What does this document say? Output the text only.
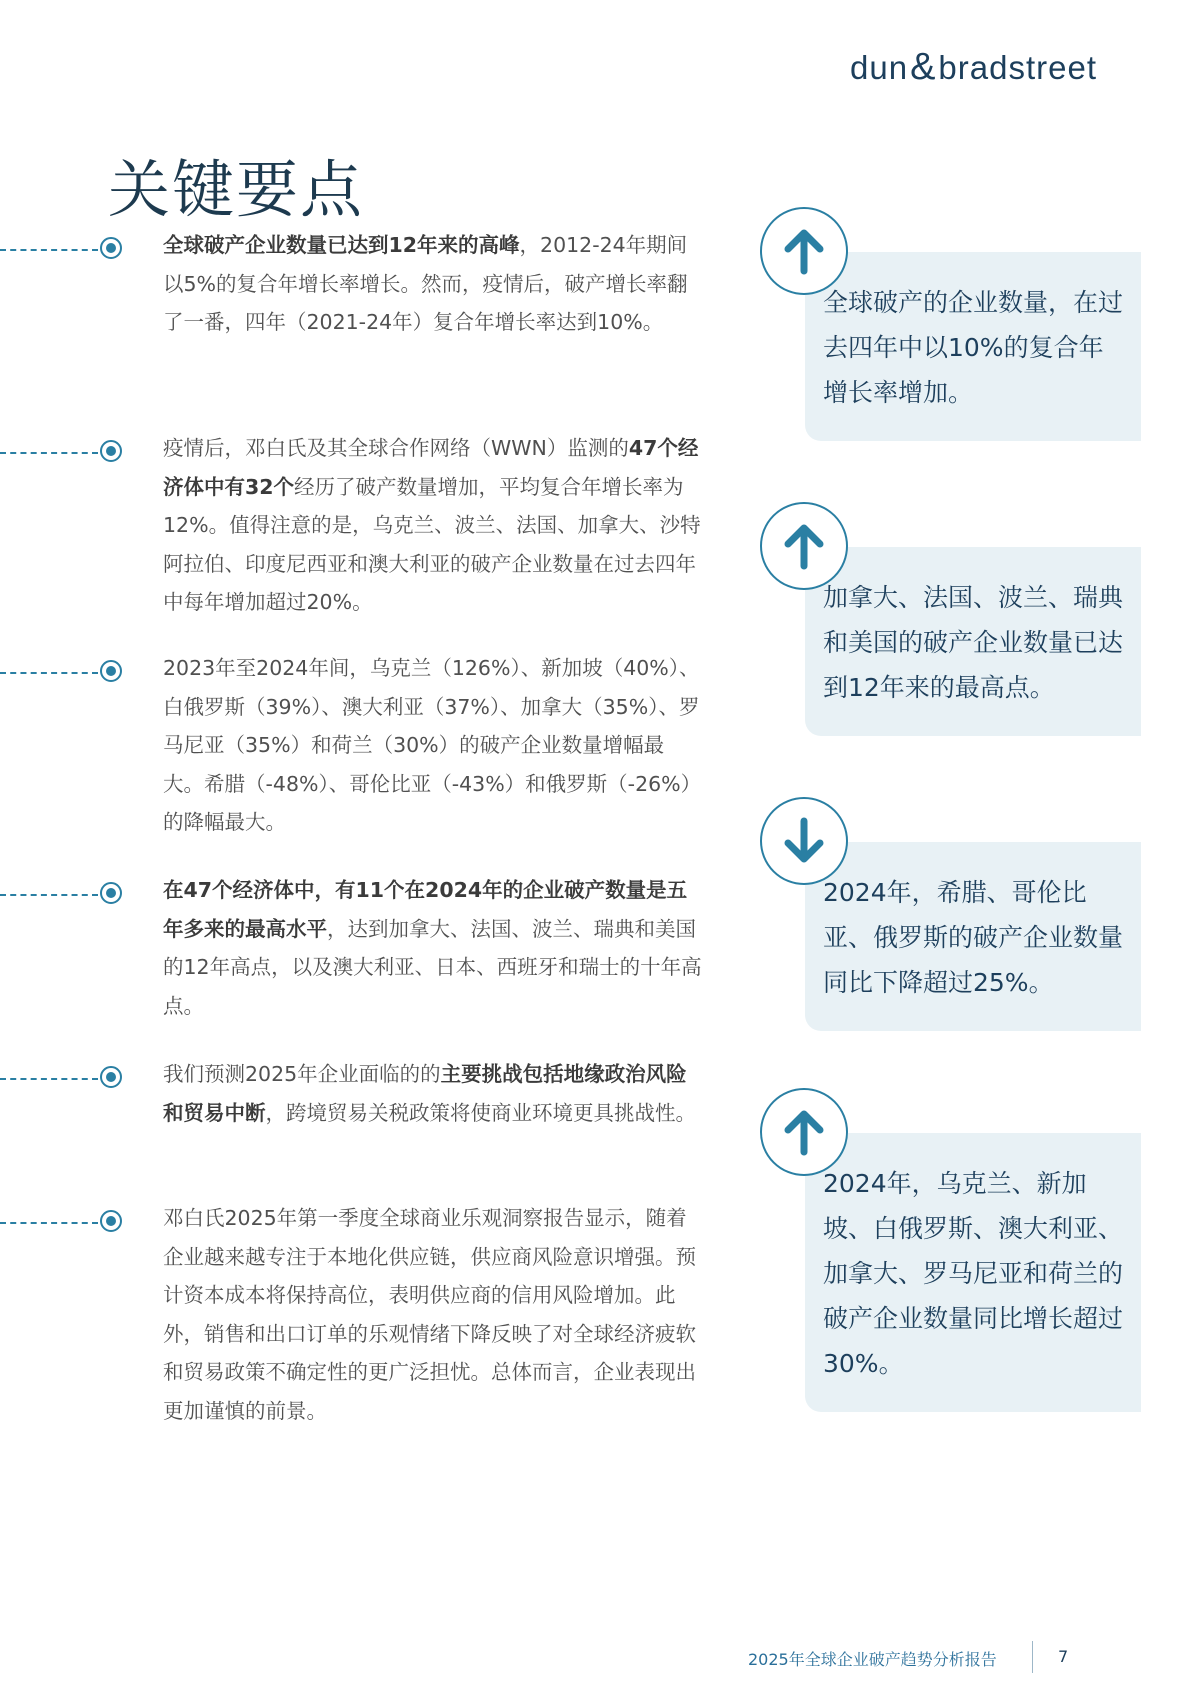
dun&bradstreet
关键要点
全球破产企业数量已达到12年来的高峰，2012-24年期间以5%的复合年增长率增长。然而，疫情后，破产增长率翻了一番，四年（2021-24年）复合年增长率达到10%。
疫情后，邓白氏及其全球合作网络（WWN）监测的47个经济体中有32个经历了破产数量增加，平均复合年增长率为12%。值得注意的是，乌克兰、波兰、法国、加拿大、沙特阿拉伯、印度尼西亚和澳大利亚的破产企业数量在过去四年中每年增加超过20%。
2023年至2024年间，乌克兰（126%）、新加坡（40%）、白俄罗斯（39%）、澳大利亚（37%）、加拿大（35%）、罗马尼亚（35%）和荷兰（30%）的破产企业数量增幅最大。希腊（-48%）、哥伦比亚（-43%）和俄罗斯（-26%）的降幅最大。
在47个经济体中，有11个在2024年的企业破产数量是五年多来的最高水平，达到加拿大、法国、波兰、瑞典和美国的12年高点，以及澳大利亚、日本、西班牙和瑞士的十年高点。
我们预测2025年企业面临的的主要挑战包括地缘政治风险和贸易中断，跨境贸易关税政策将使商业环境更具挑战性。
邓白氏2025年第一季度全球商业乐观洞察报告显示，随着企业越来越专注于本地化供应链，供应商风险意识增强。预计资本成本将保持高位，表明供应商的信用风险增加。此外，销售和出口订单的乐观情绪下降反映了对全球经济疲软和贸易政策不确定性的更广泛担忧。总体而言，企业表现出更加谨慎的前景。

全球破产的企业数量，在过去四年中以10%的复合年增长率增加。

加拿大、法国、波兰、瑞典和美国的破产企业数量已达到12年来的最高点。

2024年，希腊、哥伦比亚、俄罗斯的破产企业数量同比下降超过25%。

2024年，乌克兰、新加坡、白俄罗斯、澳大利亚、加拿大、罗马尼亚和荷兰的破产企业数量同比增长超过30%。

2025年全球企业破产趋势分析报告	7
